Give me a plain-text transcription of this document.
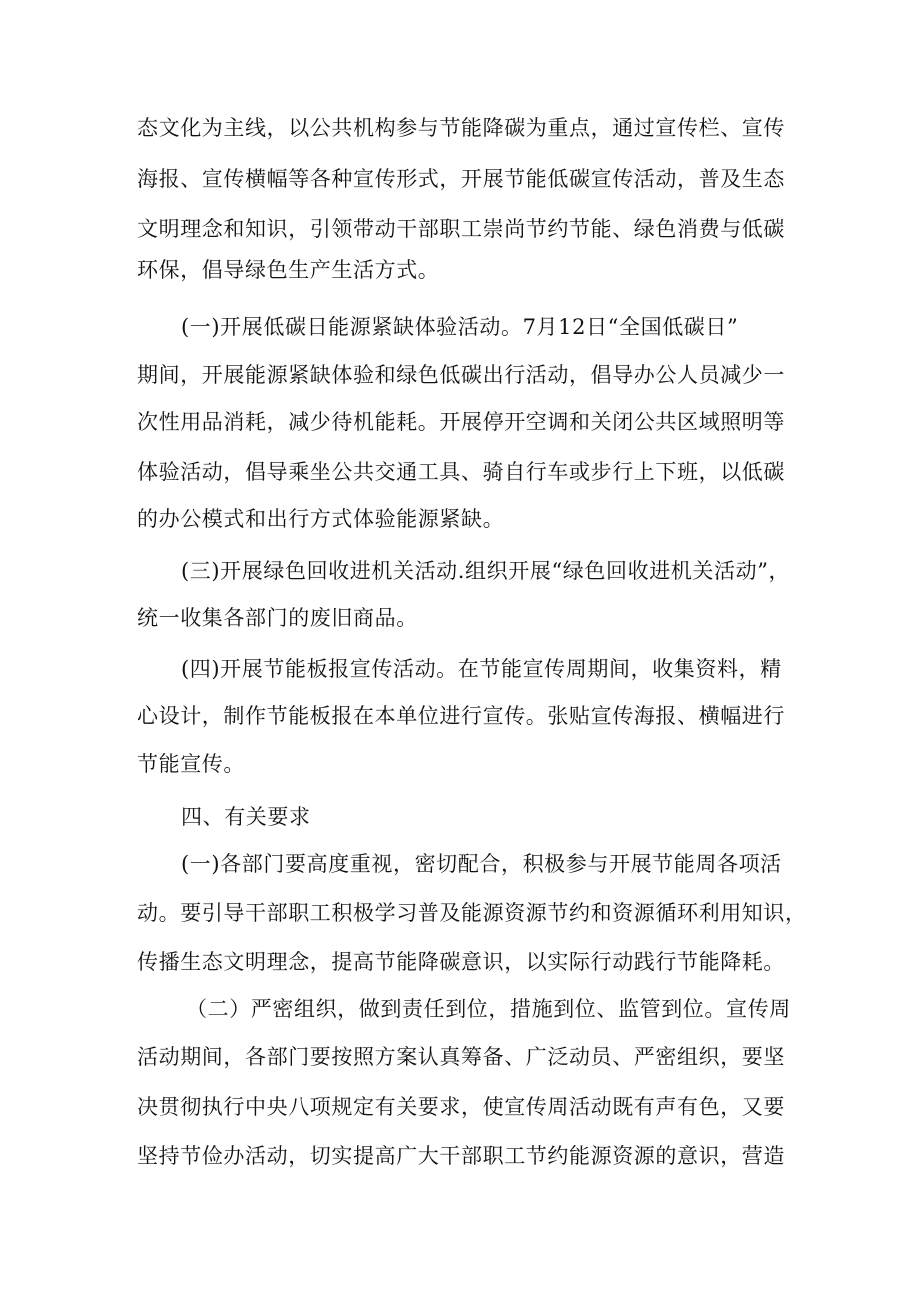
态文化为主线，以公共机构参与节能降碳为重点，通过宣传栏、宣传
海报、宣传横幅等各种宣传形式，开展节能低碳宣传活动，普及生态
文明理念和知识，引领带动干部职工崇尚节约节能、绿色消费与低碳
环保，倡导绿色生产生活方式。
(一)开展低碳日能源紧缺体验活动。7月12日“全国低碳日”
期间，开展能源紧缺体验和绿色低碳出行活动，倡导办公人员减少一
次性用品消耗，减少待机能耗。开展停开空调和关闭公共区域照明等
体验活动，倡导乘坐公共交通工具、骑自行车或步行上下班，以低碳
的办公模式和出行方式体验能源紧缺。
(三)开展绿色回收进机关活动.组织开展“绿色回收进机关活动”，
统一收集各部门的废旧商品。
(四)开展节能板报宣传活动。在节能宣传周期间，收集资料，精
心设计，制作节能板报在本单位进行宣传。张贴宣传海报、横幅进行
节能宣传。
四、有关要求
(一)各部门要高度重视，密切配合，积极参与开展节能周各项活
动。要引导干部职工积极学习普及能源资源节约和资源循环利用知识，
传播生态文明理念，提高节能降碳意识，以实际行动践行节能降耗。
（二）严密组织，做到责任到位，措施到位、监管到位。宣传周
活动期间，各部门要按照方案认真筹备、广泛动员、严密组织，要坚
决贯彻执行中央八项规定有关要求，使宣传周活动既有声有色，又要
坚持节俭办活动，切实提高广大干部职工节约能源资源的意识，营造
